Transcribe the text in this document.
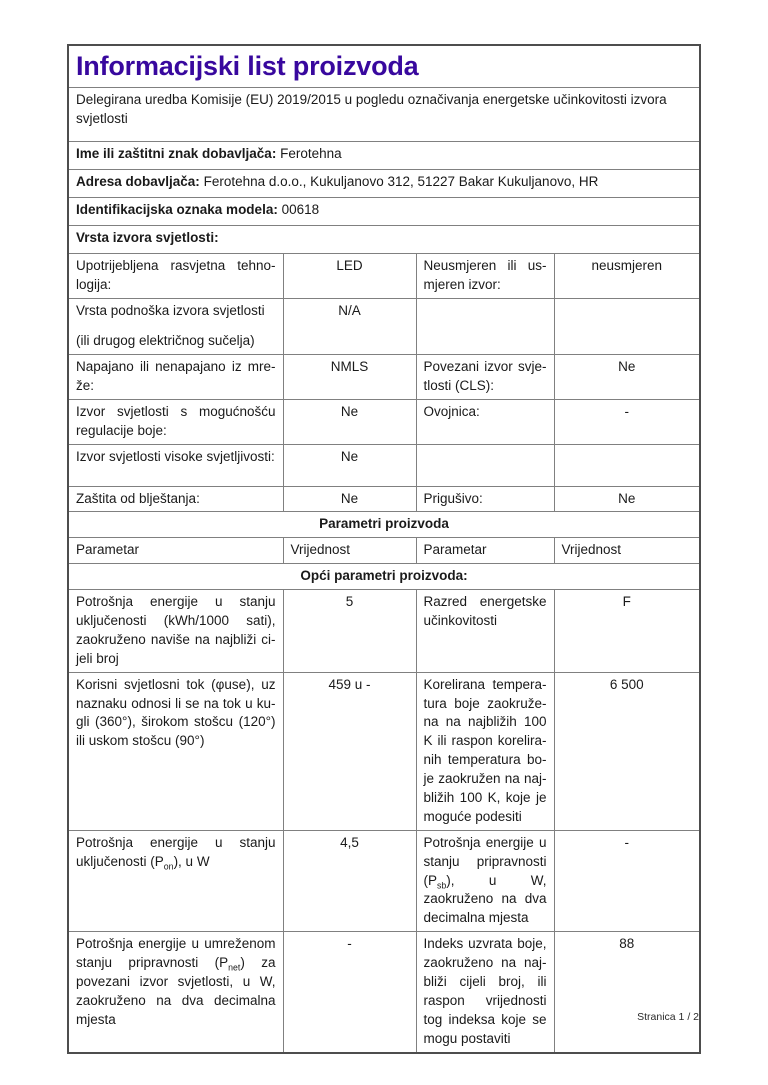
Informacijski list proizvoda

Delegirana uredba Komisije (EU) 2019/2015 u pogledu označivanja energetske učinkovitosti izvora svjetlosti			
Ime ili zaštitni znak dobavljača: Ferotehna			
Adresa dobavljača: Ferotehna d.o.o., Kukuljanovo 312, 51227 Bakar Kukuljanovo, HR			
Identifikacijska oznaka modela: 00618			
Vrsta izvora svjetlosti:			
Upotrijebljena rasvjetna tehnologija:	LED	Neusmjeren ili usmjeren izvor:	neusmjeren

Vrsta podnoška izvora svjetlosti
(ili drugog električnog sučelja)	N/A		
Napajano ili nenapajano iz mreže:	NMLS	Povezani izvor svjetlosti (CLS):	Ne
Izvor svjetlosti s mogućnošću regulacije boje:	Ne	Ovojnica:	-
Izvor svjetlosti visoke svjetljivosti:	Ne		
Zaštita od blještanja:	Ne	Prigušivo:	Ne
Parametri proizvoda			
Parametar	Vrijednost	Parametar	Vrijednost
Opći parametri proizvoda:			
Potrošnja energije u stanju uključenosti (kWh/1000 sati), zaokruženo naviše na najbliži cijeli broj	5	Razred energetske učinkovitosti	F
Korisni svjetlosni tok (φuse), uz naznaku odnosi li se na tok u kugli (360°), širokom stošcu (120°) ili uskom stošcu (90°)	459 u -	Korelirana temperatura boje zaokružena na najbližih 100 K ili raspon koreliranih temperatura boje zaokružen na najbližih 100 K, koje je moguće podesiti	6 500
Potrošnja energije u stanju uključenosti $(P_{on})$, u W	4,5	Potrošnja energije u stanju pripravnosti $(P_{sb})$, u W, zaokruženo na dva decimalna mjesta	-
Potrošnja energije u umreženom stanju pripravnosti $(P_{net})$ za povezani izvor svjetlosti, u W, zaokruženo na dva decimalna mjesta	-	Indeks uzvrata boje, zaokruženo na najbliži cijeli broj, ili raspon vrijednosti tog indeksa koje se mogu postaviti	88
Stranica 1 / 2
